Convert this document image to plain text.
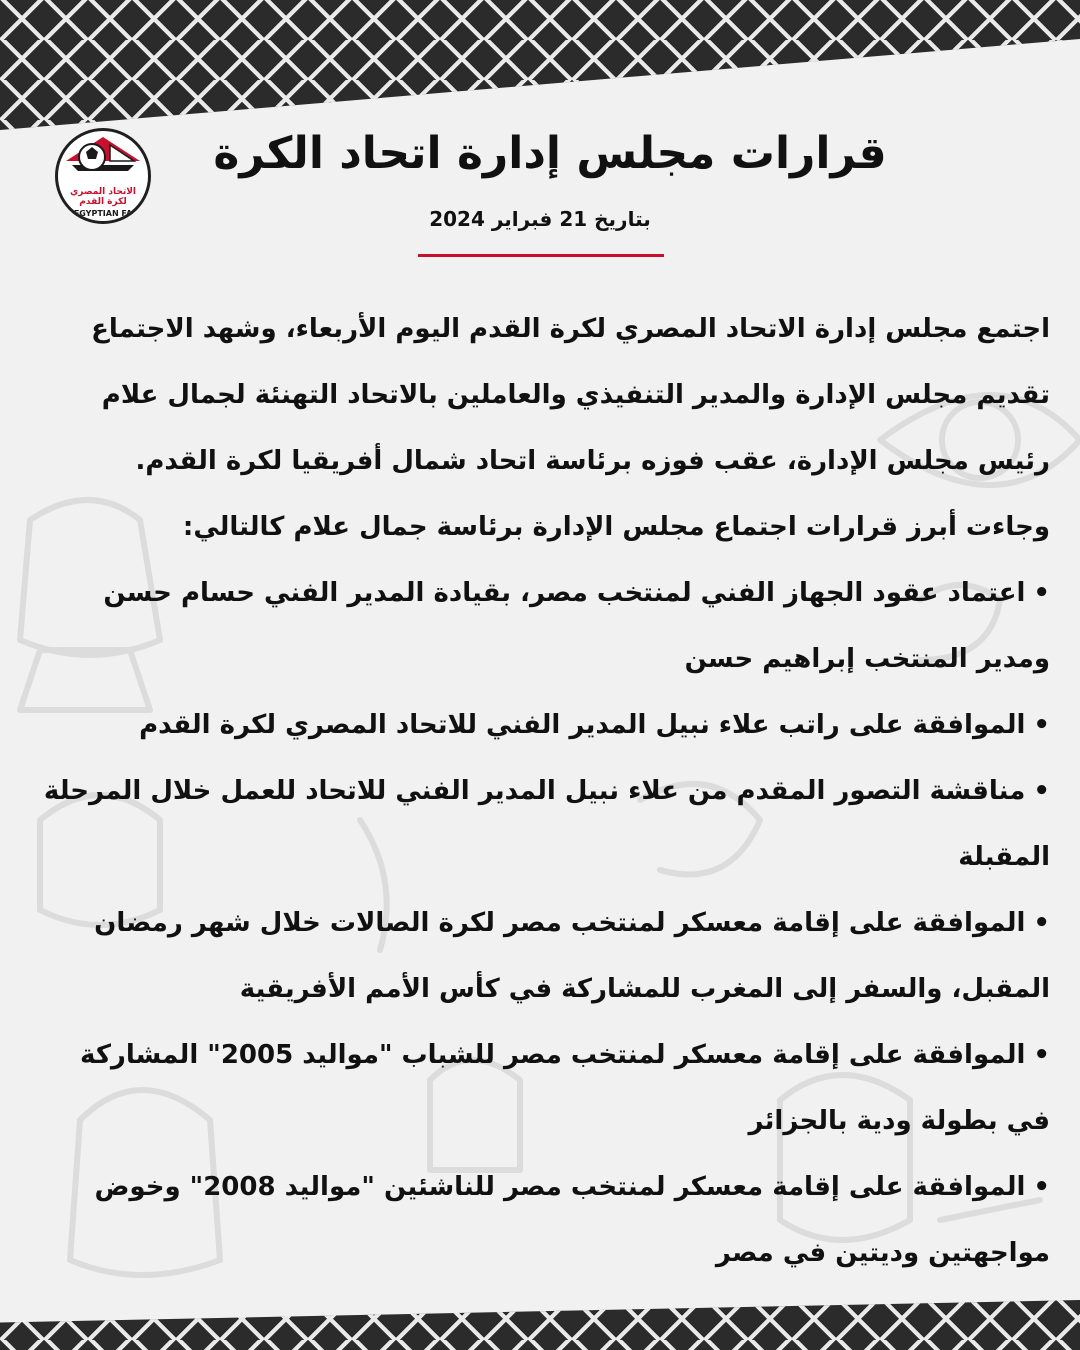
الاتحاد المصري
لكرة القدم
EGYPTIAN FA
قرارات مجلس إدارة اتحاد الكرة
بتاريخ 21 فبراير 2024

اجتمع مجلس إدارة الاتحاد المصري لكرة القدم اليوم الأربعاء، وشهد الاجتماع تقديم مجلس الإدارة والمدير التنفيذي والعاملين بالاتحاد التهنئة لجمال علام رئيس مجلس الإدارة، عقب فوزه برئاسة اتحاد شمال أفريقيا لكرة القدم.

وجاءت أبرز قرارات اجتماع مجلس الإدارة برئاسة جمال علام كالتالي:

•اعتماد عقود الجهاز الفني لمنتخب مصر، بقيادة المدير الفني حسام حسن ومدير المنتخب إبراهيم حسن

•الموافقة على راتب علاء نبيل المدير الفني للاتحاد المصري لكرة القدم

•مناقشة التصور المقدم من علاء نبيل المدير الفني للاتحاد للعمل خلال المرحلة المقبلة

•الموافقة على إقامة معسكر لمنتخب مصر لكرة الصالات خلال شهر رمضان المقبل، والسفر إلى المغرب للمشاركة في كأس الأمم الأفريقية

•الموافقة على إقامة معسكر لمنتخب مصر للشباب "مواليد 2005" المشاركة في بطولة ودية بالجزائر

•الموافقة على إقامة معسكر لمنتخب مصر للناشئين "مواليد 2008" وخوض مواجهتين وديتين في مصر
